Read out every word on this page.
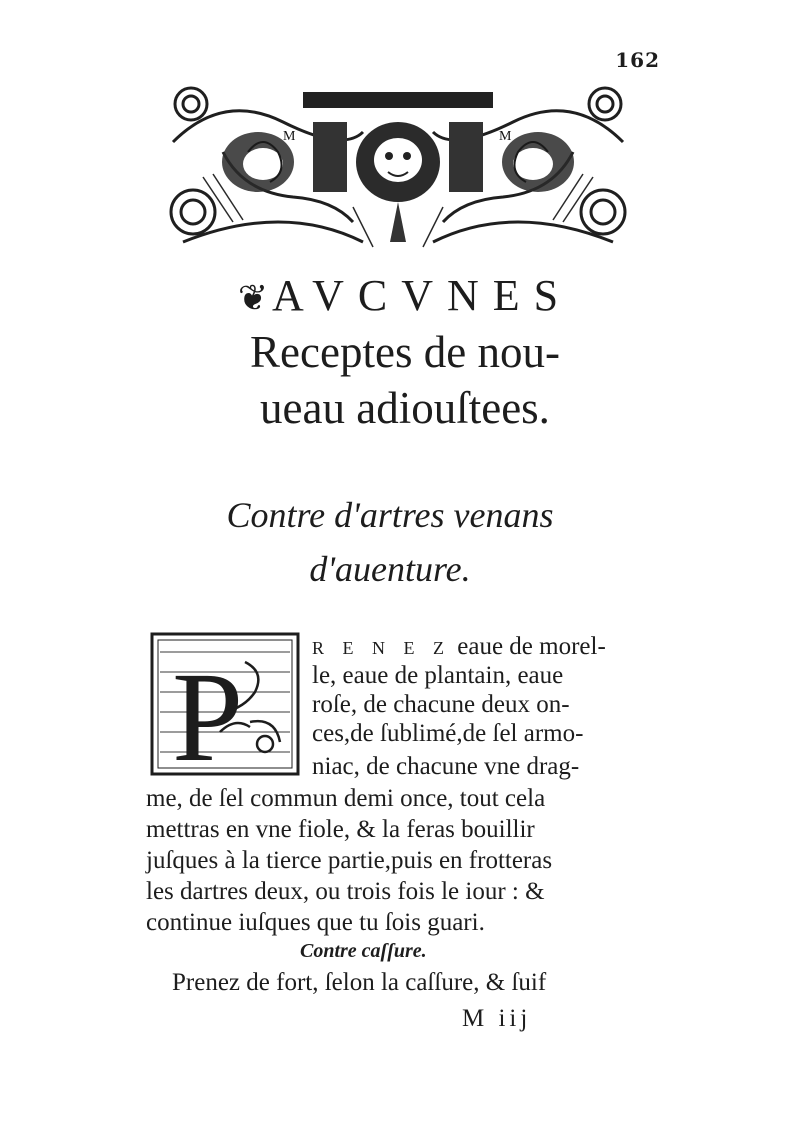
162
M	M
❦AVCVNES
Receptes de nou-
ueau adiouſtees.
Contre d'artres venans
d'auenture.
P	R E N E Z eaue de morel-
le, eaue de plantain, eaue
roſe, de chacune deux on-
ces,de ſublimé,de ſel armo-
niac, de chacune vne drag-
me, de ſel commun demi once, tout cela
mettras en vne fiole, & la feras bouillir
juſques à la tierce partie,puis en frotteras
les dartres deux, ou trois fois le iour : &
continue iuſques que tu ſois guari.
Contre caſſure.
Prenez de fort, ſelon la caſſure, & ſuif
M iij
